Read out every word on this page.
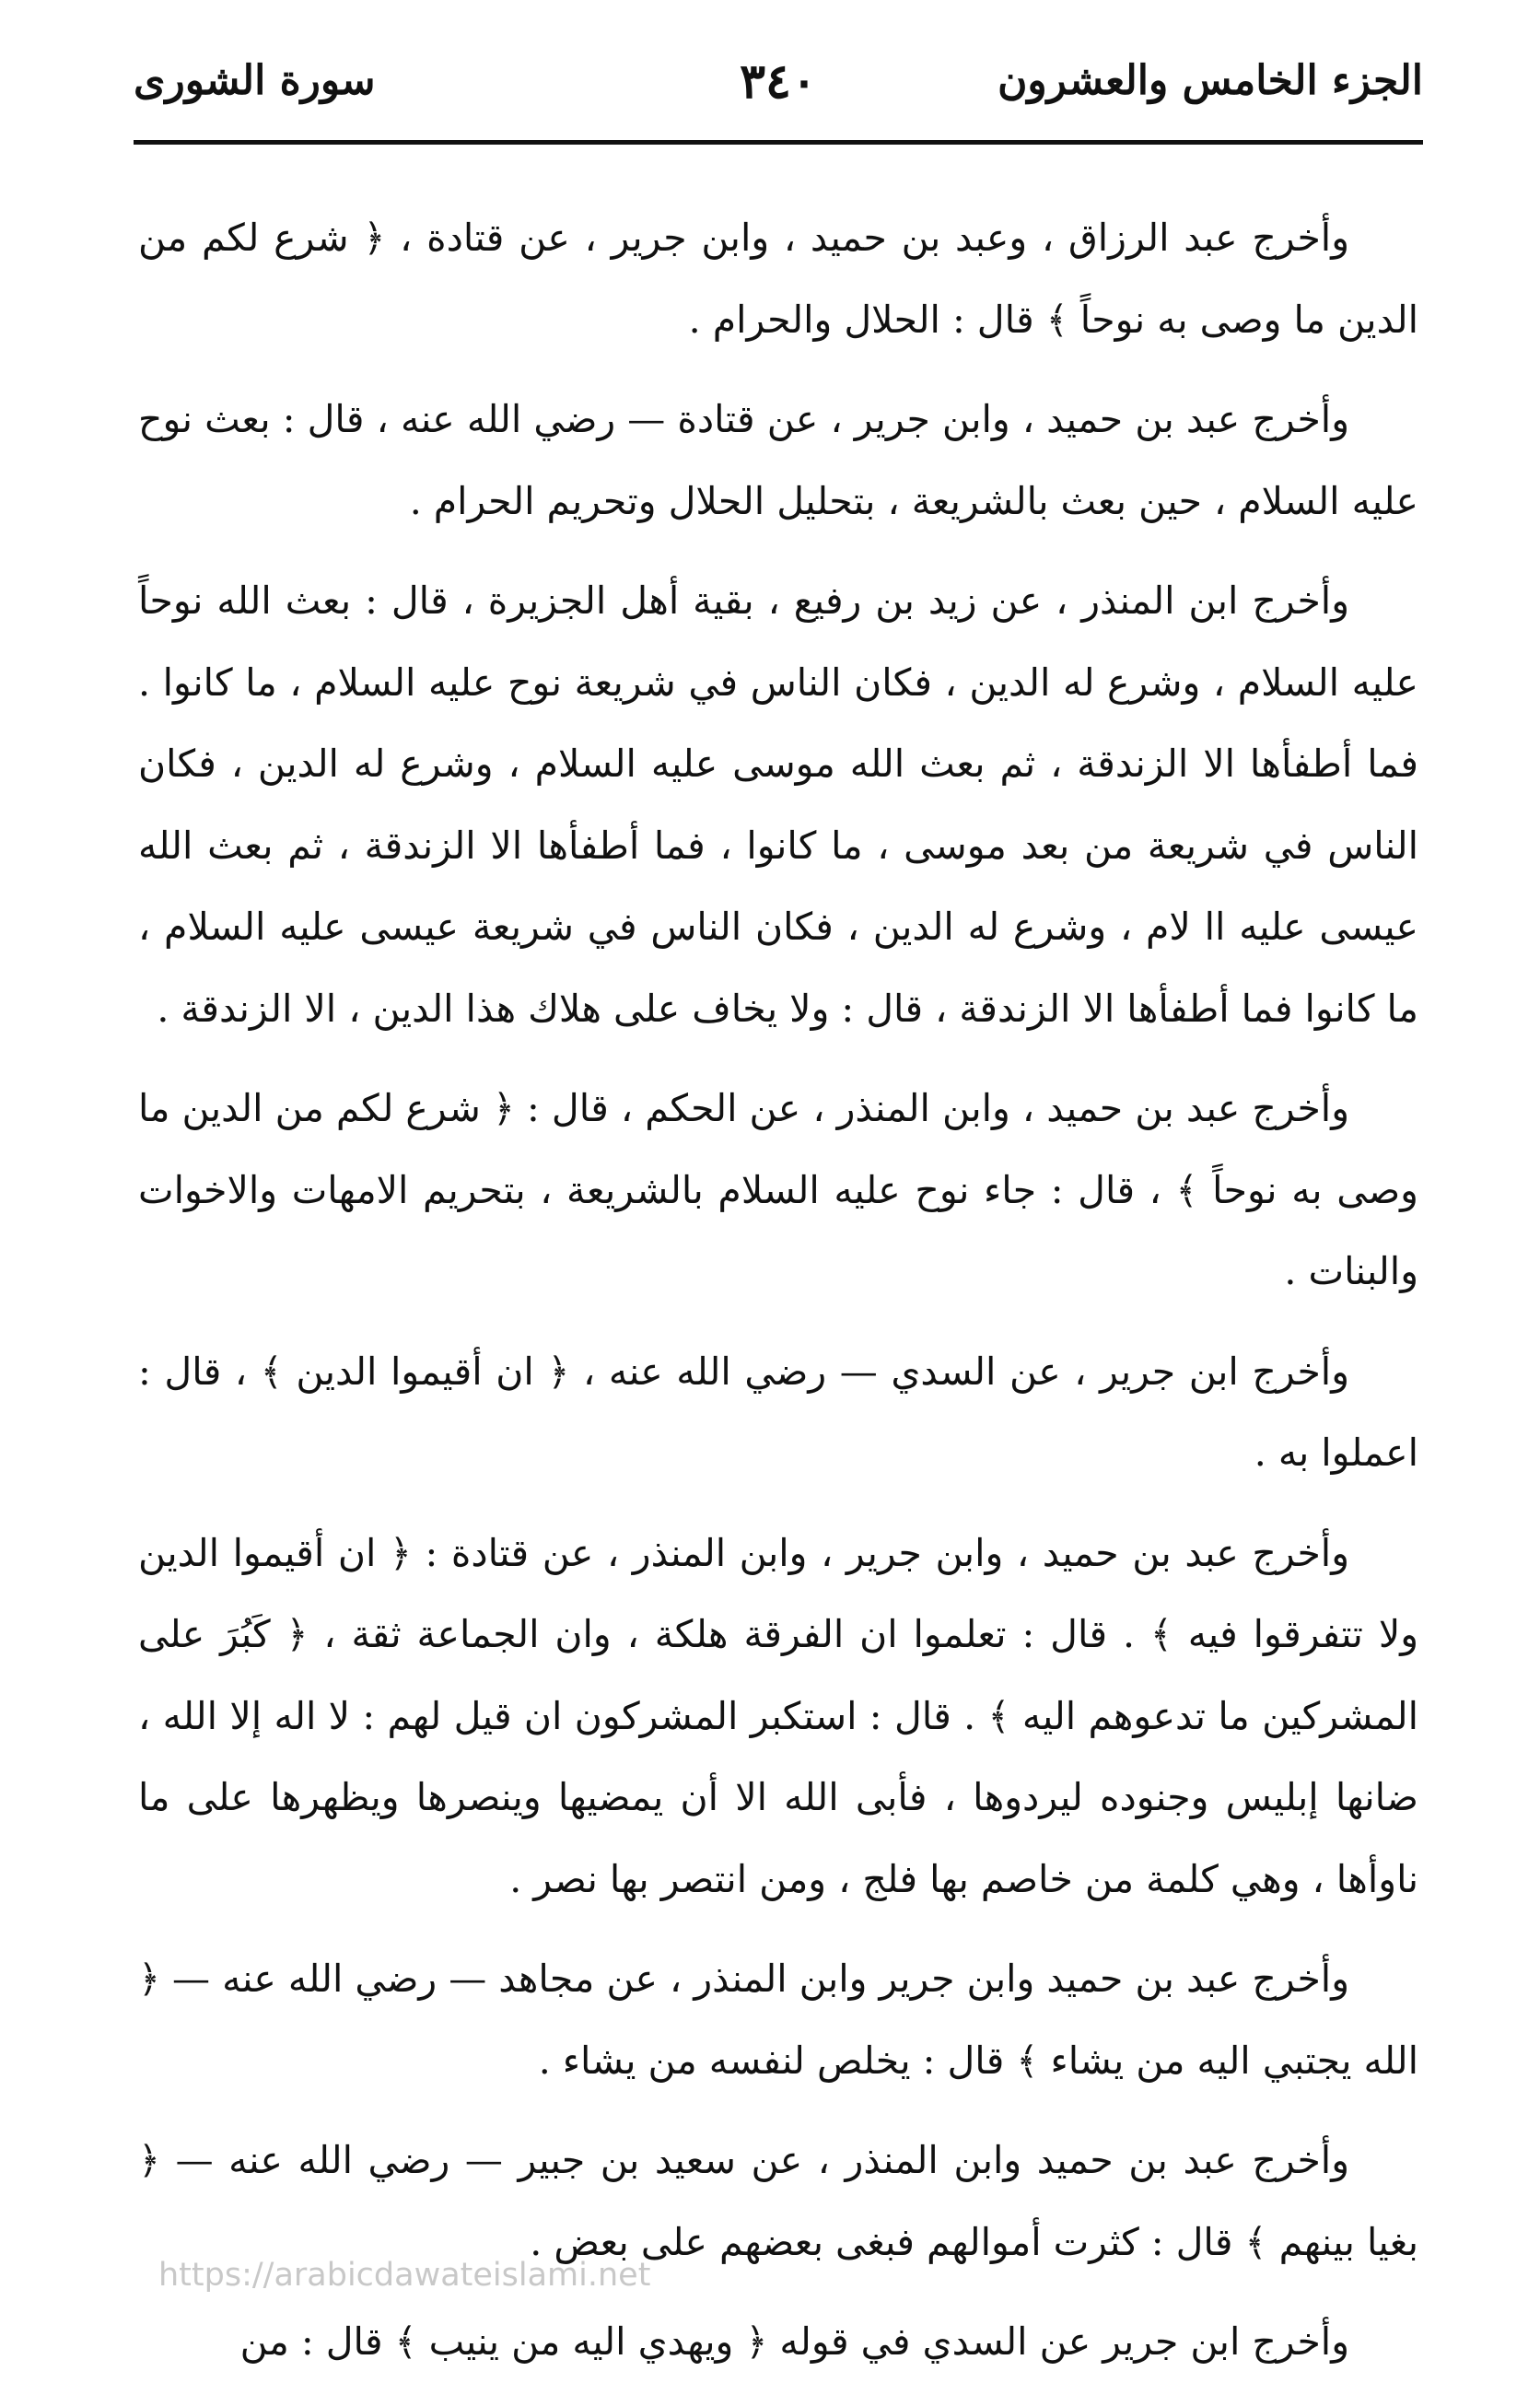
الجزء الخامس والعشرون
٣٤٠
سورة الشورى

وأخرج عبد الرزاق ، وعبد بن حميد ، وابن جرير ، عن قتادة ، ﴿ شرع لكم من الدين ما وصى به نوحاً ﴾ قال : الحلال والحرام .

وأخرج عبد بن حميد ، وابن جرير ، عن قتادة — رضي الله عنه ، قال : بعث نوح عليه السلام ، حين بعث بالشريعة ، بتحليل الحلال وتحريم الحرام .

وأخرج ابن المنذر ، عن زيد بن رفيع ، بقية أهل الجزيرة ، قال : بعث الله نوحاً عليه السلام ، وشرع له الدين ، فكان الناس في شريعة نوح عليه السلام ، ما كانوا . فما أطفأها الا الزندقة ، ثم بعث الله موسى عليه السلام ، وشرع له الدين ، فكان الناس في شريعة من بعد موسى ، ما كانوا ، فما أطفأها الا الزندقة ، ثم بعث الله عيسى عليه اا لام ، وشرع له الدين ، فكان الناس في شريعة عيسى عليه السلام ، ما كانوا فما أطفأها الا الزندقة ، قال : ولا يخاف على هلاك هذا الدين ، الا الزندقة .

وأخرج عبد بن حميد ، وابن المنذر ، عن الحكم ، قال : ﴿ شرع لكم من الدين ما وصى به نوحاً ﴾ ، قال : جاء نوح عليه السلام بالشريعة ، بتحريم الامهات والاخوات والبنات .

وأخرج ابن جرير ، عن السدي — رضي الله عنه ، ﴿ ان أقيموا الدين ﴾ ، قال : اعملوا به .

وأخرج عبد بن حميد ، وابن جرير ، وابن المنذر ، عن قتادة : ﴿ ان أقيموا الدين ولا تتفرقوا فيه ﴾ . قال : تعلموا ان الفرقة هلكة ، وان الجماعة ثقة ، ﴿ كَبُرَ على المشركين ما تدعوهم اليه ﴾ . قال : استكبر المشركون ان قيل لهم : لا اله إلا الله ، ضانها إبليس وجنوده ليردوها ، فأبى الله الا أن يمضيها وينصرها ويظهرها على ما ناوأها ، وهي كلمة من خاصم بها فلج ، ومن انتصر بها نصر .

وأخرج عبد بن حميد وابن جرير وابن المنذر ، عن مجاهد — رضي الله عنه — ﴿ الله يجتبي اليه من يشاء ﴾ قال : يخلص لنفسه من يشاء .

وأخرج عبد بن حميد وابن المنذر ، عن سعيد بن جبير — رضي الله عنه — ﴿ بغيا بينهم ﴾ قال : كثرت أموالهم فبغى بعضهم على بعض .

وأخرج ابن جرير عن السدي في قوله ﴿ ويهدي اليه من ينيب ﴾ قال : من

https://arabicdawateislami.net
